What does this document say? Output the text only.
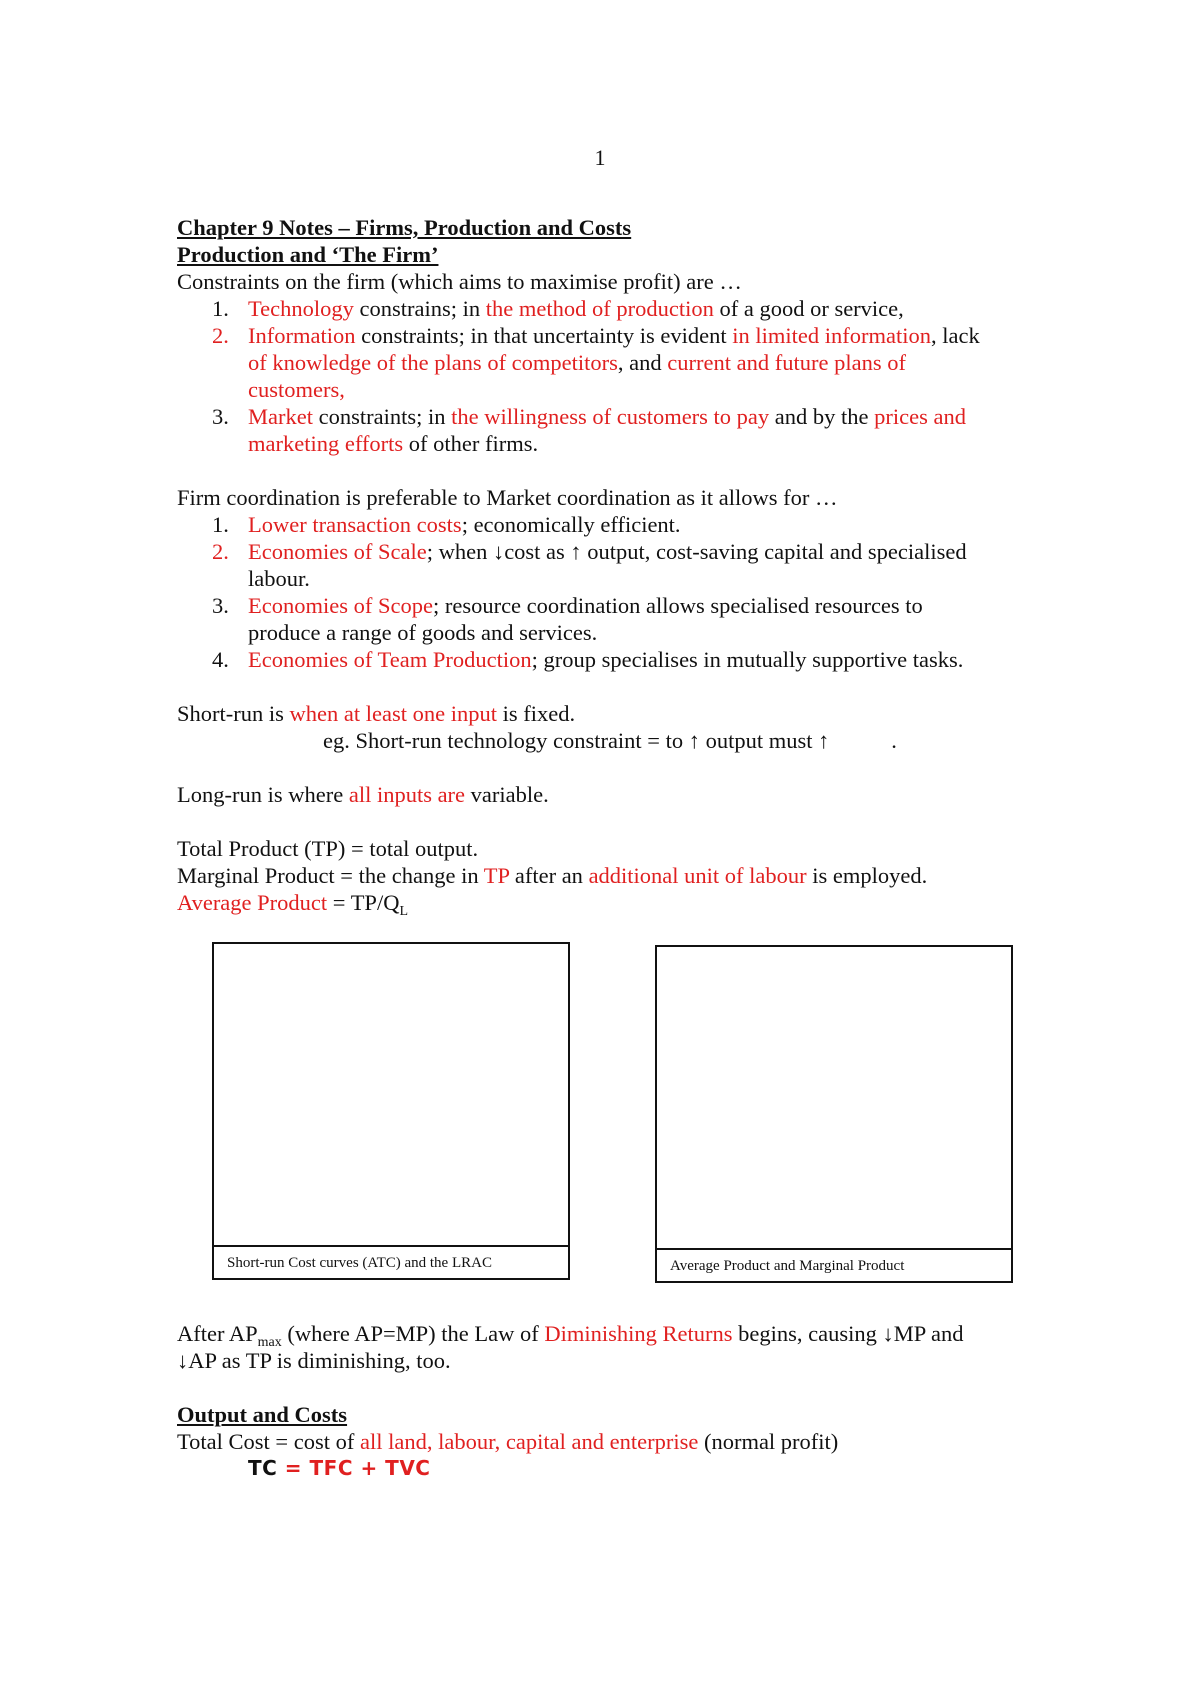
1
Chapter 9 Notes – Firms, Production and Costs
Production and ‘The Firm’
Constraints on the firm (which aims to maximise profit) are …
1. Technology constrains; in the method of production of a good or service,
2. Information constraints; in that uncertainty is evident in limited information, lack
of knowledge of the plans of competitors, and current and future plans of
customers,
3. Market constraints; in the willingness of customers to pay and by the prices and
marketing efforts of other firms.
Firm coordination is preferable to Market coordination as it allows for …
1. Lower transaction costs; economically efficient.
2. Economies of Scale; when ↓cost as ↑ output, cost-saving capital and specialised
labour.
3. Economies of Scope; resource coordination allows specialised resources to
produce a range of goods and services.
4. Economies of Team Production; group specialises in mutually supportive tasks.
Short-run is when at least one input is fixed.
eg. Short-run technology constraint = to ↑ output must ↑           .
Long-run is where all inputs are variable.
Total Product (TP) = total output.
Marginal Product = the change in TP after an additional unit of labour is employed.
Average Product = $TP/Q_L$
Short-run Cost curves (ATC) and the LRAC	Average Product and Marginal Product
After $AP_{max}$ (where AP=MP) the Law of Diminishing Returns begins, causing ↓MP and
↓AP as TP is diminishing, too.
Output and Costs
Total Cost = cost of all land, labour, capital and enterprise (normal profit)
TC = TFC + TVC
